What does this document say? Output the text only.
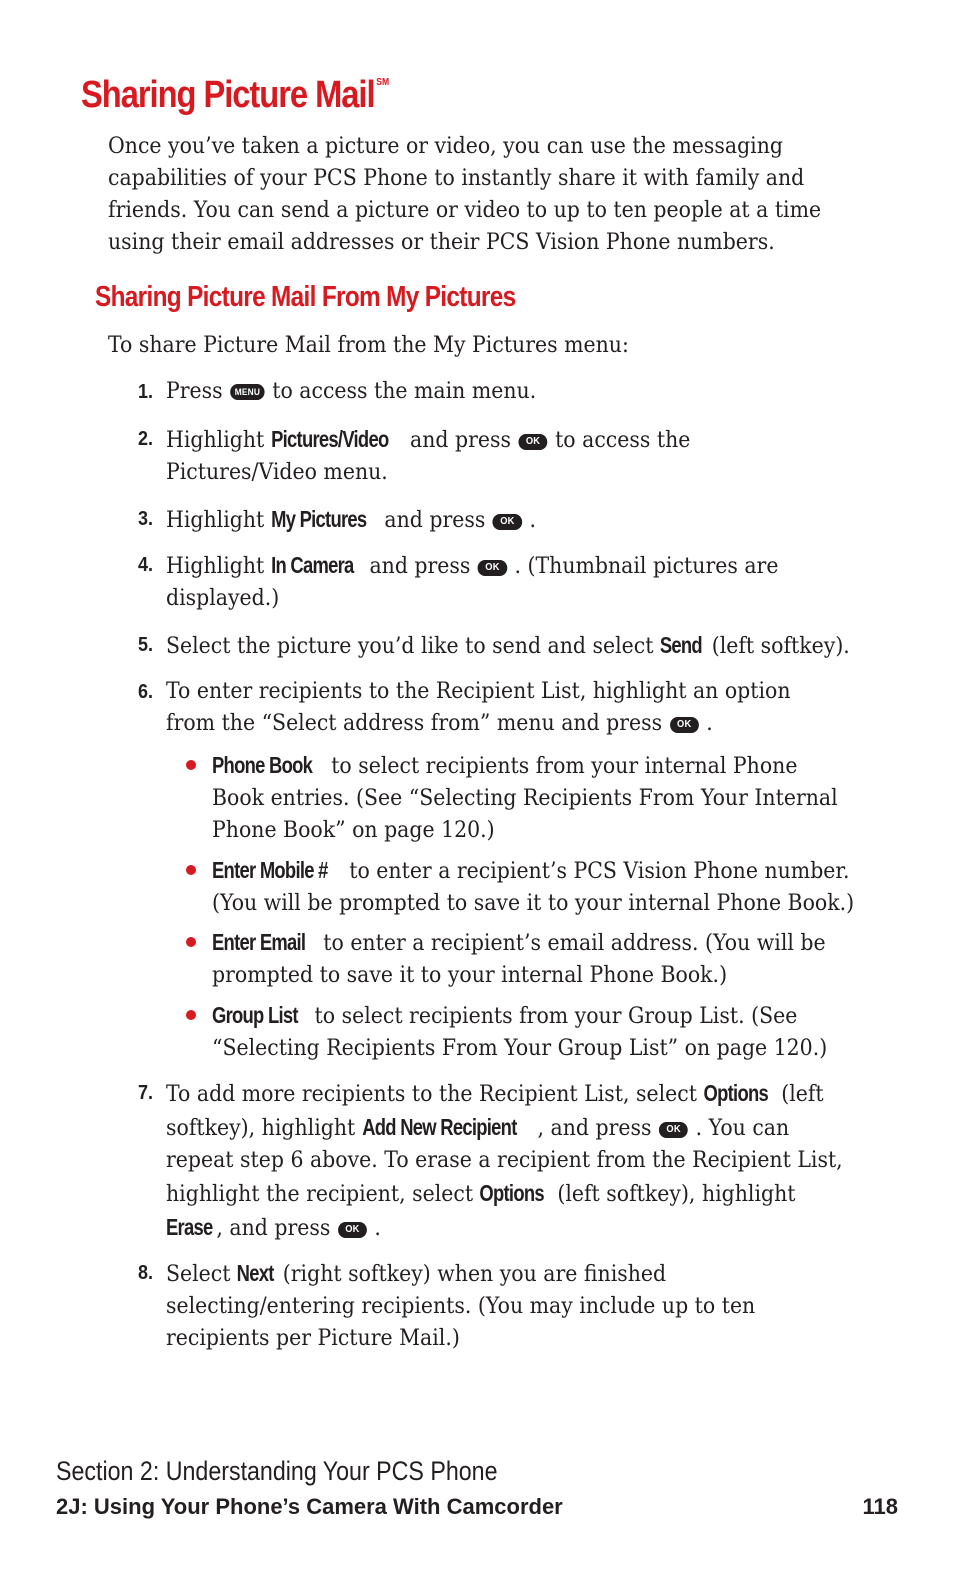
Sharing Picture Mail ℠
Once you’ve taken a picture or video, you can use the messaging
capabilities of your PCS Phone to instantly share it with family and
friends. You can send a picture or video to up to ten people at a time
using their email addresses or their PCS Vision Phone numbers.
Sharing Picture Mail From My Pictures
To share Picture Mail from the My Pictures menu:
1. Press MENU to access the main menu.
2. Highlight Pictures/Video and press OK to access the
Pictures/Video menu.
3. Highlight My Pictures and press OK .
4. Highlight In Camera and press OK . (Thumbnail pictures are
displayed.)
5. Select the picture you’d like to send and select Send (left softkey).
6. To enter recipients to the Recipient List, highlight an option
from the “Select address from” menu and press OK .
Phone Book to select recipients from your internal Phone
Book entries. (See “Selecting Recipients From Your Internal
Phone Book” on page 120.)
Enter Mobile # to enter a recipient’s PCS Vision Phone number.
(You will be prompted to save it to your internal Phone Book.)
Enter Email to enter a recipient’s email address. (You will be
prompted to save it to your internal Phone Book.)
Group List to select recipients from your Group List. (See
“Selecting Recipients From Your Group List” on page 120.)
7. To add more recipients to the Recipient List, select Options (left
softkey), highlight Add New Recipient , and press OK . You can
repeat step 6 above. To erase a recipient from the Recipient List,
highlight the recipient, select Options (left softkey), highlight
Erase , and press OK .
8. Select Next (right softkey) when you are finished
selecting/entering recipients. (You may include up to ten
recipients per Picture Mail.)
Section 2: Understanding Your PCS Phone
2J: Using Your Phone’s Camera With Camcorder	118
